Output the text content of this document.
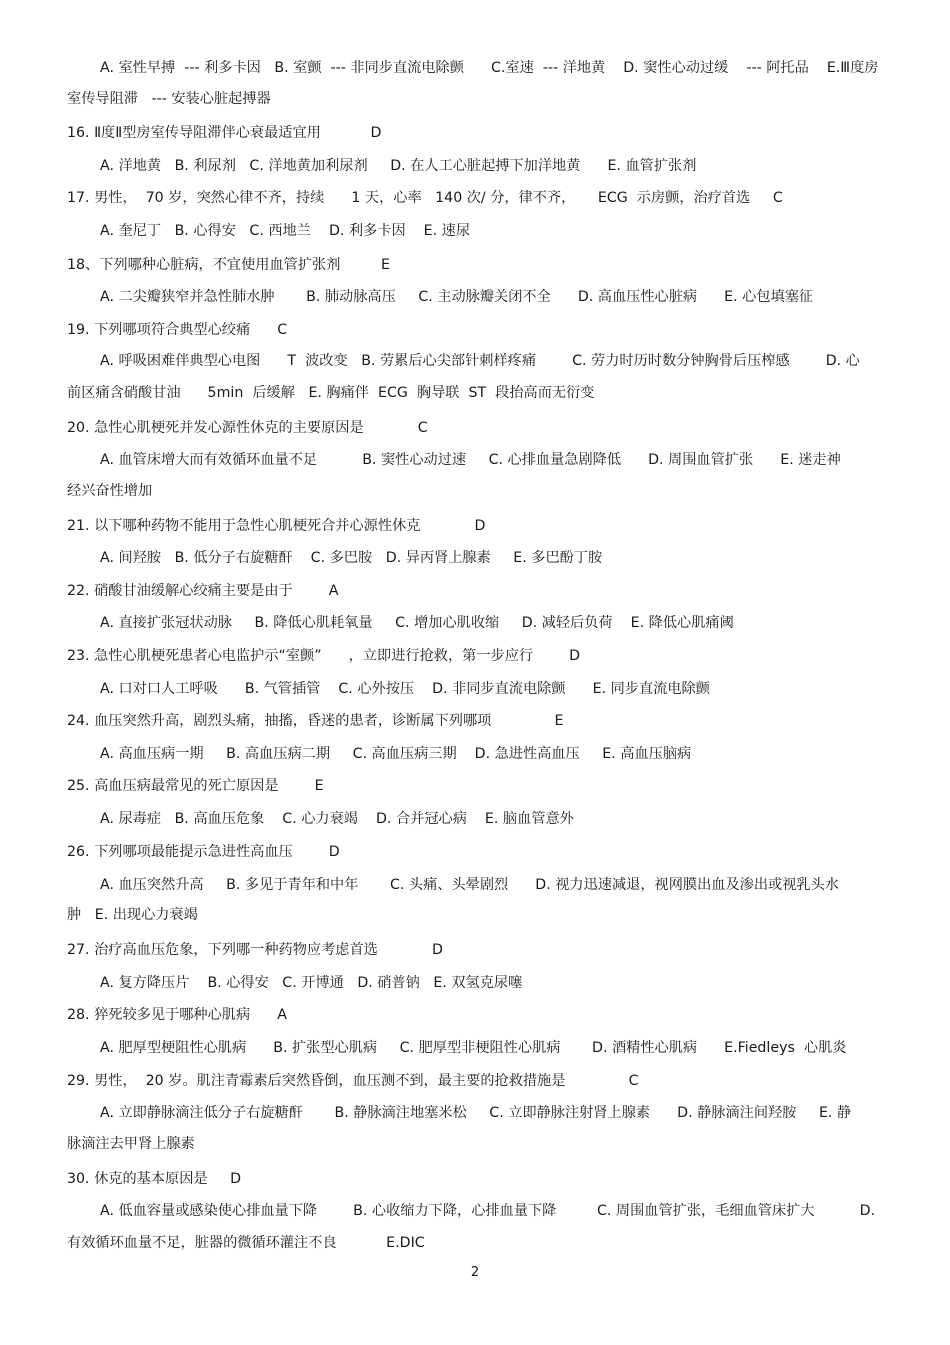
A. 室性早搏  --- 利多卡因   B. 室颤  --- 非同步直流电除颤      C.室速  --- 洋地黄    D. 窦性心动过缓    --- 阿托品    E.Ⅲ度房
室传导阻滞   --- 安装心脏起搏器
16. Ⅱ度Ⅱ型房室传导阻滞伴心衰最适宜用           D
A. 洋地黄   B. 利尿剂   C. 洋地黄加利尿剂     D. 在人工心脏起搏下加洋地黄      E. 血管扩张剂
17. 男性，  70 岁，突然心律不齐，持续      1 天，心率   140 次/ 分，律不齐，     ECG  示房颤，治疗首选     C
A. 奎尼丁   B. 心得安   C. 西地兰    D. 利多卡因    E. 速尿
18、下列哪种心脏病，不宜使用血管扩张剂         E
A. 二尖瓣狭窄并急性肺水肿       B. 肺动脉高压     C. 主动脉瓣关闭不全      D. 高血压性心脏病      E. 心包填塞征
19. 下列哪项符合典型心绞痛      C
A. 呼吸困难伴典型心电图      T  波改变   B. 劳累后心尖部针刺样疼痛        C. 劳力时历时数分钟胸骨后压榨感        D. 心
前区痛含硝酸甘油      5min  后缓解   E. 胸痛伴  ECG  胸导联  ST  段抬高而无衍变
20. 急性心肌梗死并发心源性休克的主要原因是            C
A. 血管床增大而有效循环血量不足          B. 窦性心动过速     C. 心排血量急剧降低      D. 周围血管扩张      E. 迷走神
经兴奋性增加
21. 以下哪种药物不能用于急性心肌梗死合并心源性休克            D
A. 间羟胺   B. 低分子右旋糖酐    C. 多巴胺   D. 异丙肾上腺素     E. 多巴酚丁胺
22. 硝酸甘油缓解心绞痛主要是由于        A
A. 直接扩张冠状动脉     B. 降低心肌耗氧量     C. 增加心肌收缩     D. 减轻后负荷    E. 降低心肌痛阈
23. 急性心肌梗死患者心电监护示“室颤”      ，立即进行抢救，第一步应行        D
A. 口对口人工呼吸      B. 气管插管    C. 心外按压    D. 非同步直流电除颤      E. 同步直流电除颤
24. 血压突然升高，剧烈头痛，抽搐，昏迷的患者，诊断属下列哪项              E
A. 高血压病一期     B. 高血压病二期     C. 高血压病三期    D. 急进性高血压     E. 高血压脑病
25. 高血压病最常见的死亡原因是        E
A. 尿毒症   B. 高血压危象    C. 心力衰竭    D. 合并冠心病    E. 脑血管意外
26. 下列哪项最能提示急进性高血压        D
A. 血压突然升高     B. 多见于青年和中年       C. 头痛、头晕剧烈      D. 视力迅速减退，视网膜出血及渗出或视乳头水
肿   E. 出现心力衰竭
27. 治疗高血压危象，下列哪一种药物应考虑首选            D
A. 复方降压片    B. 心得安   C. 开博通   D. 硝普钠   E. 双氢克尿噻
28. 猝死较多见于哪种心肌病      A
A. 肥厚型梗阻性心肌病      B. 扩张型心肌病     C. 肥厚型非梗阻性心肌病       D. 酒精性心肌病      E.Fiedleys  心肌炎
29. 男性，  20 岁。肌注青霉素后突然昏倒，血压测不到，最主要的抢救措施是              C
A. 立即静脉滴注低分子右旋糖酐       B. 静脉滴注地塞米松     C. 立即静脉注射肾上腺素      D. 静脉滴注间羟胺     E. 静
脉滴注去甲肾上腺素
30. 休克的基本原因是     D
A. 低血容量或感染使心排血量下降        B. 心收缩力下降，心排血量下降         C. 周围血管扩张，毛细血管床扩大          D.
有效循环血量不足，脏器的微循环灌注不良           E.DIC
2
